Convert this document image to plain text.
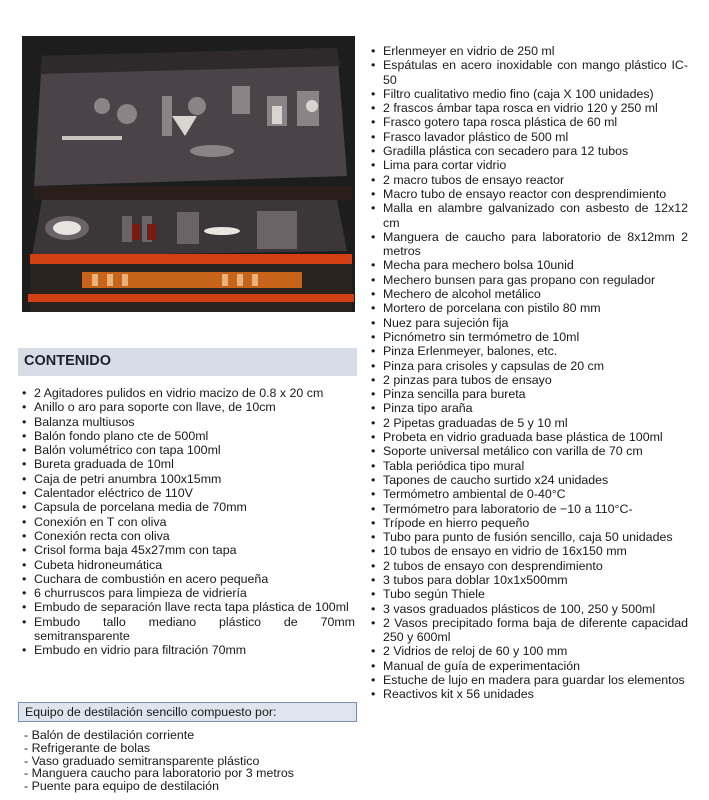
CONTENIDO
• 2 Agitadores pulidos en vidrio macizo de 0.8 x 20 cm
• Anillo o aro para soporte con llave, de 10cm
• Balanza multiusos
• Balón fondo plano cte de 500ml
• Balón volumétrico con tapa 100ml
• Bureta graduada de 10ml
• Caja de petri anumbra 100x15mm
• Calentador eléctrico de 110V
• Capsula de porcelana media de 70mm
• Conexión en T con oliva
• Conexión recta con oliva
• Crisol forma baja 45x27mm con tapa
• Cubeta hidroneumática
• Cuchara de combustión en acero pequeña
• 6 churruscos para limpieza de vidriería
• Embudo de separación llave recta tapa plástica de 100ml
• Embudo tallo mediano plástico de 70mm semitransparente
• Embudo en vidrio para filtración 70mm
Equipo de destilación sencillo compuesto por:
- Balón de destilación corriente
- Refrigerante de bolas
- Vaso graduado semitransparente plástico
- Manguera caucho para laboratorio por 3 metros
- Puente para equipo de destilación
• Erlenmeyer en vidrio de 250 ml
• Espátulas en acero inoxidable con mango plástico IC-50
• Filtro cualitativo medio fino (caja X 100 unidades)
• 2 frascos ámbar tapa rosca en vidrio 120 y 250 ml
• Frasco gotero tapa rosca plástica de 60 ml
• Frasco lavador plástico de 500 ml
• Gradilla plástica con secadero para 12 tubos
• Lima para cortar vidrio
• 2 macro tubos de ensayo reactor
• Macro tubo de ensayo reactor con desprendimiento
• Malla en alambre galvanizado con asbesto de 12x12 cm
• Manguera de caucho para laboratorio de 8x12mm 2 metros
• Mecha para mechero bolsa 10unid
• Mechero bunsen para gas propano con regulador
• Mechero de alcohol metálico
• Mortero de porcelana con pistilo 80 mm
• Nuez para sujeción fija
• Picnómetro sin termómetro de 10ml
• Pinza Erlenmeyer, balones, etc.
• Pinza para crisoles y capsulas de 20 cm
• 2 pinzas para tubos de ensayo
• Pinza sencilla para bureta
• Pinza tipo araña
• 2 Pipetas graduadas de 5 y 10 ml
• Probeta en vidrio graduada base plástica de 100ml
• Soporte universal metálico con varilla de 70 cm
• Tabla periódica tipo mural
• Tapones de caucho surtido x24 unidades
• Termómetro ambiental de 0-40°C
• Termómetro para laboratorio de −10 a 110°C-
• Trípode en hierro pequeño
• Tubo para punto de fusión sencillo, caja 50 unidades
• 10 tubos de ensayo en vidrio de 16x150 mm
• 2 tubos de ensayo con desprendimiento
• 3 tubos para doblar 10x1x500mm
• Tubo según Thiele
• 3 vasos graduados plásticos de 100, 250 y 500ml
• 2 Vasos precipitado forma baja de diferente capacidad 250 y 600ml
• 2 Vidrios de reloj de 60 y 100 mm
• Manual de guía de experimentación
• Estuche de lujo en madera para guardar los elementos
• Reactivos kit x 56 unidades
